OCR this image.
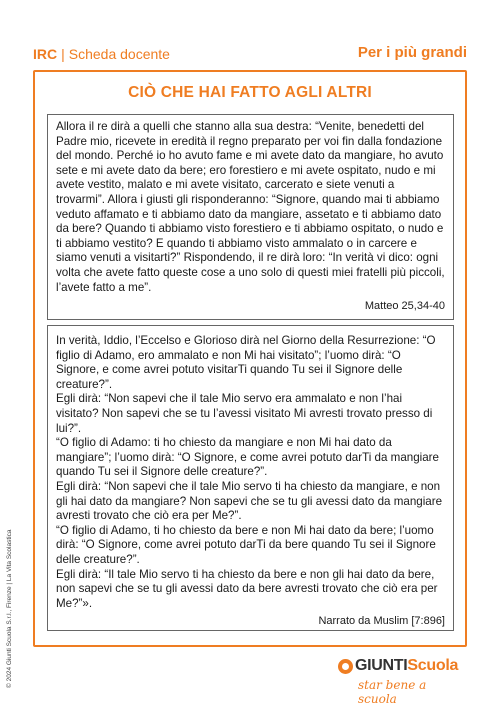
IRC | Scheda docente	Per i più grandi
CIÒ CHE HAI FATTO AGLI ALTRI

Allora il re dirà a quelli che stanno alla sua destra: “Venite, benedetti del Padre mio, ricevete in eredità il regno preparato per voi fin dalla fondazione del mondo. Perché io ho avuto fame e mi avete dato da mangiare, ho avuto sete e mi avete dato da bere; ero forestiero e mi avete ospitato, nudo e mi avete vestito, malato e mi avete visitato, carcerato e siete venuti a trovarmi”. Allora i giusti gli risponderanno: “Signore, quando mai ti abbiamo veduto affamato e ti abbiamo dato da mangiare, assetato e ti abbiamo dato da bere? Quando ti abbiamo visto forestiero e ti abbiamo ospitato, o nudo e ti abbiamo vestito? E quando ti abbiamo visto ammalato o in carcere e siamo venuti a visitarti?” Rispondendo, il re dirà loro: “In verità vi dico: ogni volta che avete fatto queste cose a uno solo di questi miei fratelli più piccoli, l’avete fatto a me”.

Matteo 25,34-40

In verità, Iddio, l’Eccelso e Glorioso dirà nel Giorno della Resurrezione: “O figlio di Adamo, ero ammalato e non Mi hai visitato”; l’uomo dirà: “O Signore, e come avrei potuto visitarTi quando Tu sei il Signore delle creature?”.

Egli dirà: “Non sapevi che il tale Mio servo era ammalato e non l’hai visitato? Non sapevi che se tu l’avessi visitato Mi avresti trovato presso di lui?”.

“O figlio di Adamo: ti ho chiesto da mangiare e non Mi hai dato da mangiare”; l’uomo dirà: “O Signore, e come avrei potuto darTi da mangiare quando Tu sei il Signore delle creature?”.

Egli dirà: “Non sapevi che il tale Mio servo ti ha chiesto da mangiare, e non gli hai dato da mangiare? Non sapevi che se tu gli avessi dato da mangiare avresti trovato che ciò era per Me?”.

“O figlio di Adamo, ti ho chiesto da bere e non Mi hai dato da bere; l’uomo dirà: “O Signore, come avrei potuto darTi da bere quando Tu sei il Signore delle creature?”.

Egli dirà: “Il tale Mio servo ti ha chiesto da bere e non gli hai dato da bere, non sapevi che se tu gli avessi dato da bere avresti trovato che ciò era per Me?”».

Narrato da Muslim [7:896]
© 2024 Giunti Scuola S.r.l., Firenze | La Vita Scolastica	GIUNTIScuola
star bene a scuola
